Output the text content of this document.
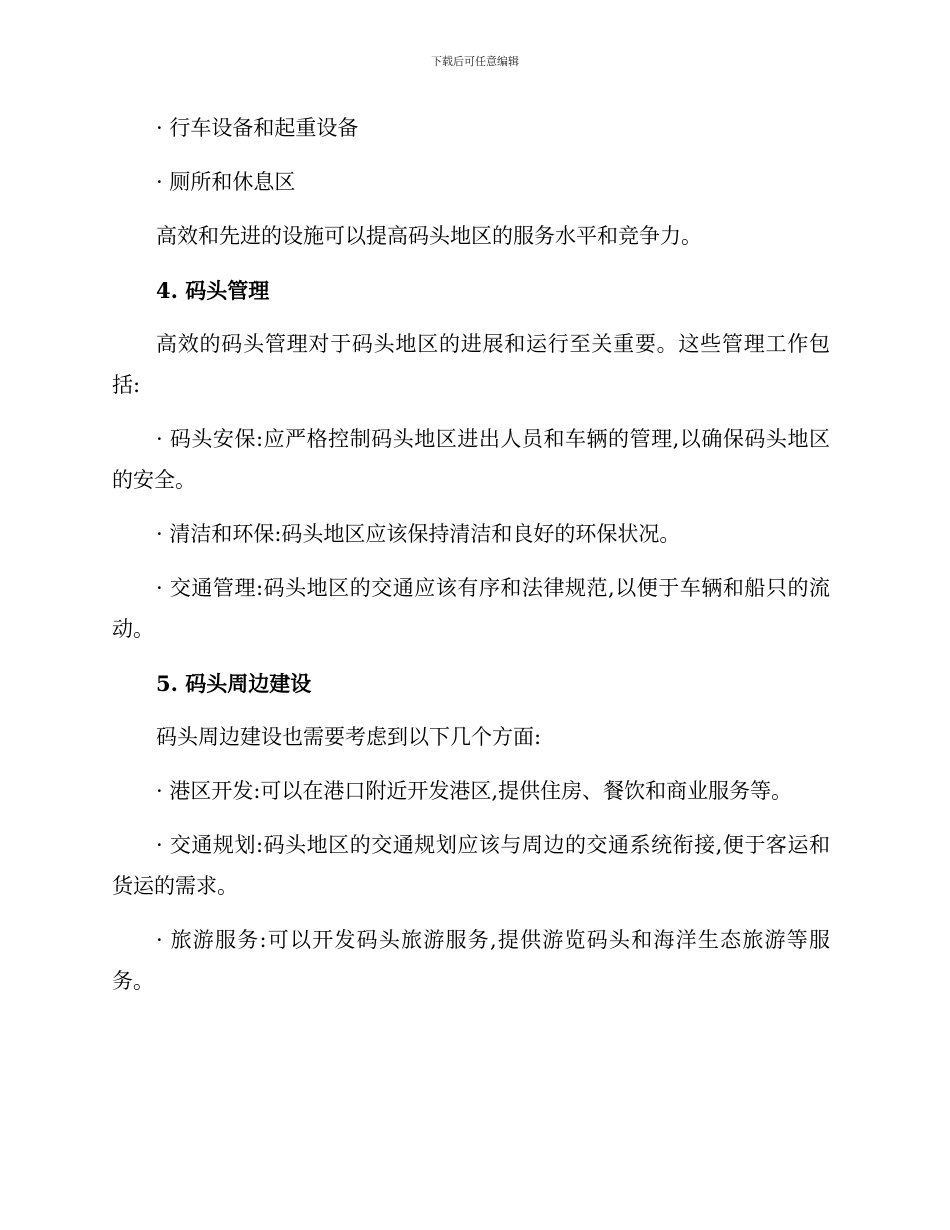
下载后可任意编辑

· 行车设备和起重设备

· 厕所和休息区

高效和先进的设施可以提高码头地区的服务水平和竞争力。

4. 码头管理

高效的码头管理对于码头地区的进展和运行至关重要。这些管理工作包括:

· 码头安保:应严格控制码头地区进出人员和车辆的管理,以确保码头地区的安全。

· 清洁和环保:码头地区应该保持清洁和良好的环保状况。

· 交通管理:码头地区的交通应该有序和法律规范,以便于车辆和船只的流动。

5. 码头周边建设

码头周边建设也需要考虑到以下几个方面:

· 港区开发:可以在港口附近开发港区,提供住房、餐饮和商业服务等。

· 交通规划:码头地区的交通规划应该与周边的交通系统衔接,便于客运和货运的需求。

· 旅游服务:可以开发码头旅游服务,提供游览码头和海洋生态旅游等服务。
